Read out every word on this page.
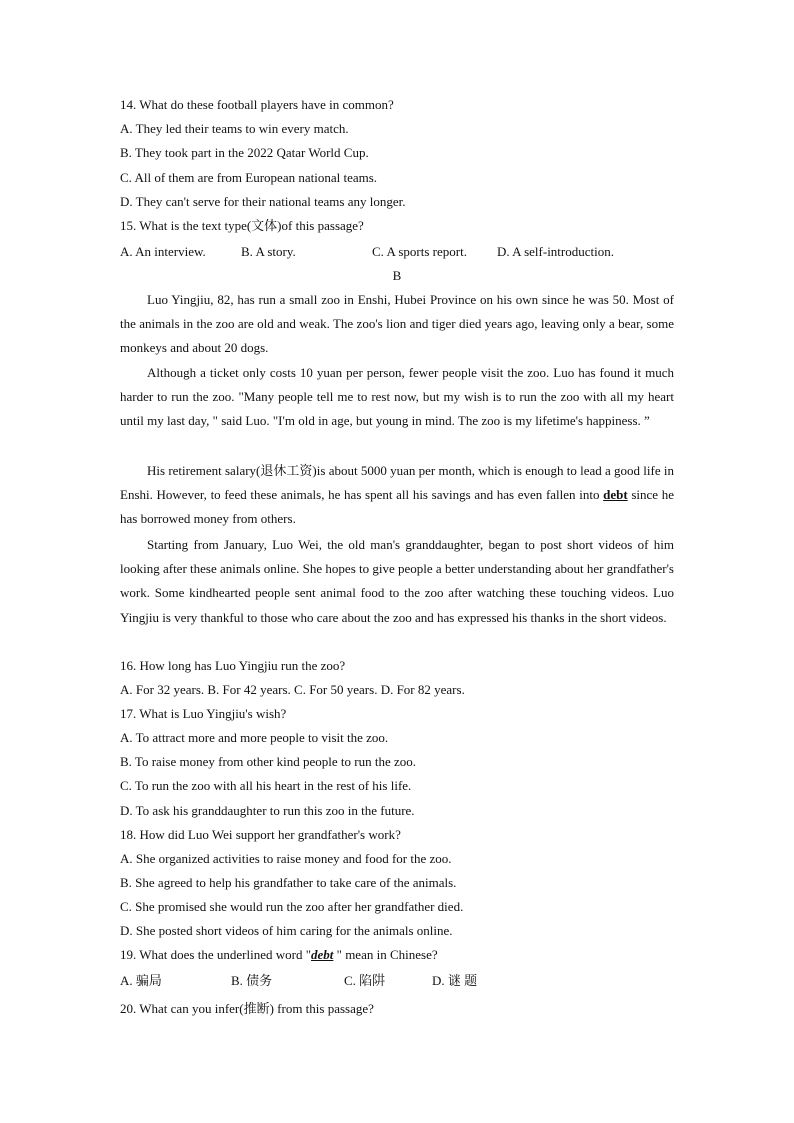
14. What do these football players have in common?
A. They led their teams to win every match.
B. They took part in the 2022 Qatar World Cup.
C. All of them are from European national teams.
D. They can't serve for their national teams any longer.
15. What is the text type(文体)of this passage?
A. An interview.	B. A story.	C. A sports report. D. A self-introduction.
B
Luo Yingjiu, 82, has run a small zoo in Enshi, Hubei Province on his own since he was 50. Most of the animals in the zoo are old and weak. The zoo's lion and tiger died years ago, leaving only a bear, some monkeys and about 20 dogs.
Although a ticket only costs 10 yuan per person, fewer people visit the zoo. Luo has found it much harder to run the zoo. "Many people tell me to rest now, but my wish is to run the zoo with all my heart until my last day, " said Luo. "I'm old in age, but young in mind. The zoo is my lifetime's happiness. ”
His retirement salary(退休工资)is about 5000 yuan per month, which is enough to lead a good life in Enshi. However, to feed these animals, he has spent all his savings and has even fallen into debt since he has borrowed money from others.
Starting from January, Luo Wei, the old man's granddaughter, began to post short videos of him looking after these animals online. She hopes to give people a better understanding about her grandfather's work. Some kindhearted people sent animal food to the zoo after watching these touching videos. Luo Yingjiu is very thankful to those who care about the zoo and has expressed his thanks in the short videos.
16. How long has Luo Yingjiu run the zoo?
A. For 32 years. B. For 42 years. C. For 50 years. D. For 82 years.
17. What is Luo Yingjiu's wish?
A. To attract more and more people to visit the zoo.
B. To raise money from other kind people to run the zoo.
C. To run the zoo with all his heart in the rest of his life.
D. To ask his granddaughter to run this zoo in the future.
18. How did Luo Wei support her grandfather's work?
A. She organized activities to raise money and food for the zoo.
B. She agreed to help his grandfather to take care of the animals.
C. She promised she would run the zoo after her grandfather died.
D. She posted short videos of him caring for the animals online.
19. What does the underlined word "debt " mean in Chinese?
A. 骗局	B. 债务	C. 陷阱	D. 谜 题
20. What can you infer(推断) from this passage?
